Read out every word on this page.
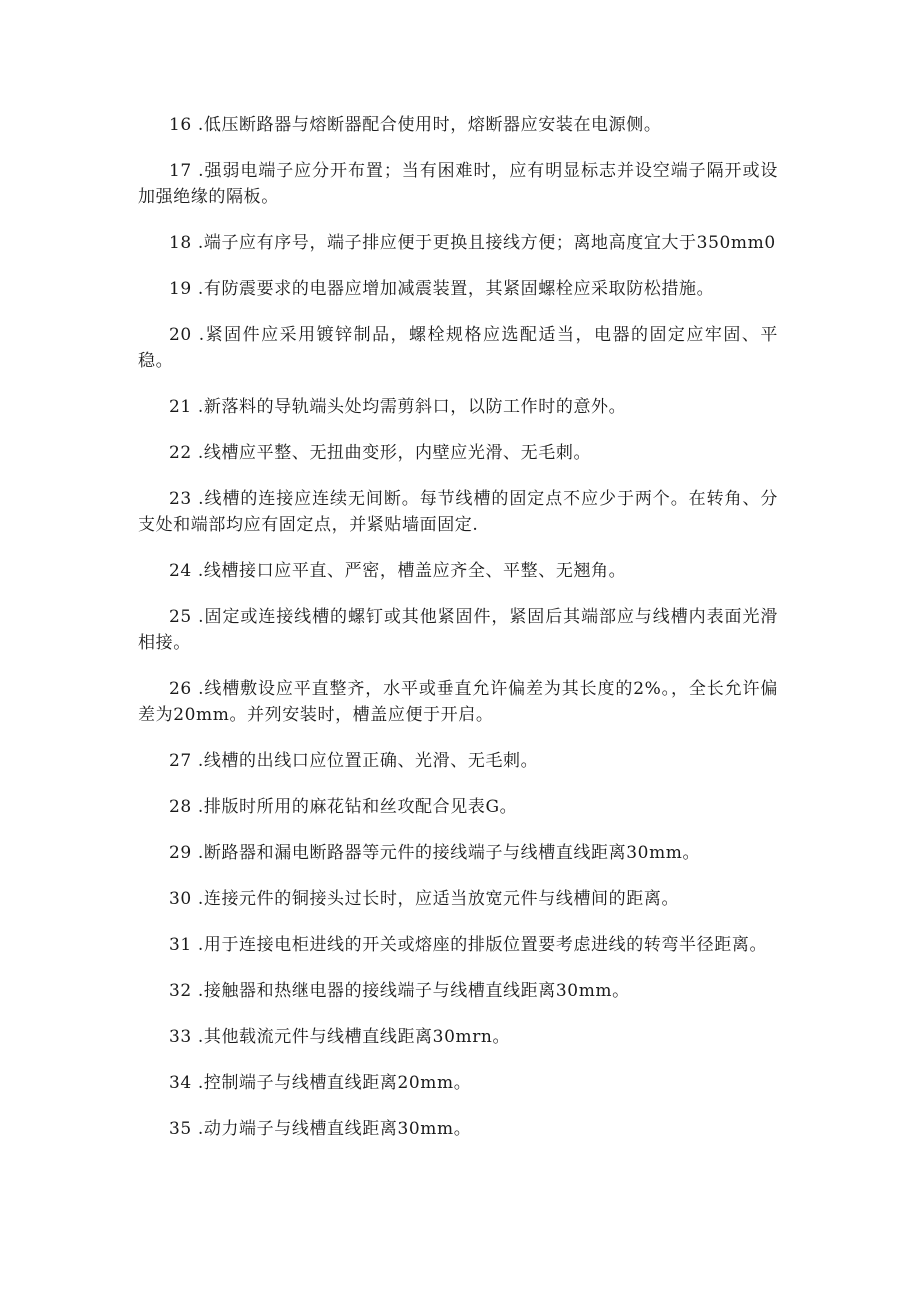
16 .低压断路器与熔断器配合使用时，熔断器应安装在电源侧。

17 .强弱电端子应分开布置；当有困难时，应有明显标志并设空端子隔开或设加强绝缘的隔板。

18 .端子应有序号，端子排应便于更换且接线方便；离地高度宜大于350mm0

19 .有防震要求的电器应增加减震装置，其紧固螺栓应采取防松措施。

20 .紧固件应采用镀锌制品，螺栓规格应选配适当，电器的固定应牢固、平稳。

21 .新落料的导轨端头处均需剪斜口，以防工作时的意外。

22 .线槽应平整、无扭曲变形，内壁应光滑、无毛刺。

23 .线槽的连接应连续无间断。每节线槽的固定点不应少于两个。在转角、分支处和端部均应有固定点，并紧贴墙面固定.

24 .线槽接口应平直、严密，槽盖应齐全、平整、无翘角。

25 .固定或连接线槽的螺钉或其他紧固件，紧固后其端部应与线槽内表面光滑相接。

26 .线槽敷设应平直整齐，水平或垂直允许偏差为其长度的2%。，全长允许偏差为20mm。并列安装时，槽盖应便于开启。

27 .线槽的出线口应位置正确、光滑、无毛刺。

28 .排版时所用的麻花钻和丝攻配合见表G。

29 .断路器和漏电断路器等元件的接线端子与线槽直线距离30mm。

30 .连接元件的铜接头过长时，应适当放宽元件与线槽间的距离。

31 .用于连接电柜进线的开关或熔座的排版位置要考虑进线的转弯半径距离。

32 .接触器和热继电器的接线端子与线槽直线距离30mm。

33 .其他载流元件与线槽直线距离30mrn。

34 .控制端子与线槽直线距离20mm。

35 .动力端子与线槽直线距离30mm。
